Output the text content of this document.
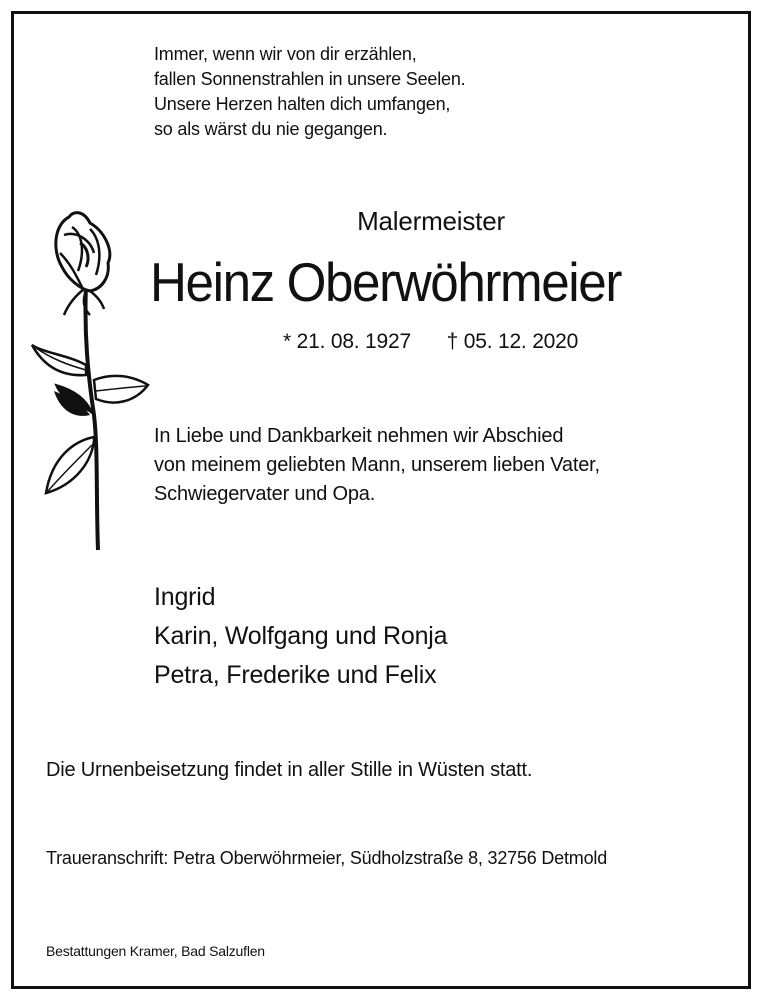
Immer, wenn wir von dir erzählen,
fallen Sonnenstrahlen in unsere Seelen.
Unsere Herzen halten dich umfangen,
so als wärst du nie gegangen.
Malermeister
Heinz Oberwöhrmeier
* 21. 08. 1927 † 05. 12. 2020
In Liebe und Dankbarkeit nehmen wir Abschied
von meinem geliebten Mann, unserem lieben Vater,
Schwiegervater und Opa.
Ingrid
Karin, Wolfgang und Ronja
Petra, Frederike und Felix
Die Urnenbeisetzung findet in aller Stille in Wüsten statt.
Traueranschrift: Petra Oberwöhrmeier, Südholzstraße 8, 32756 Detmold
Bestattungen Kramer, Bad Salzuflen
